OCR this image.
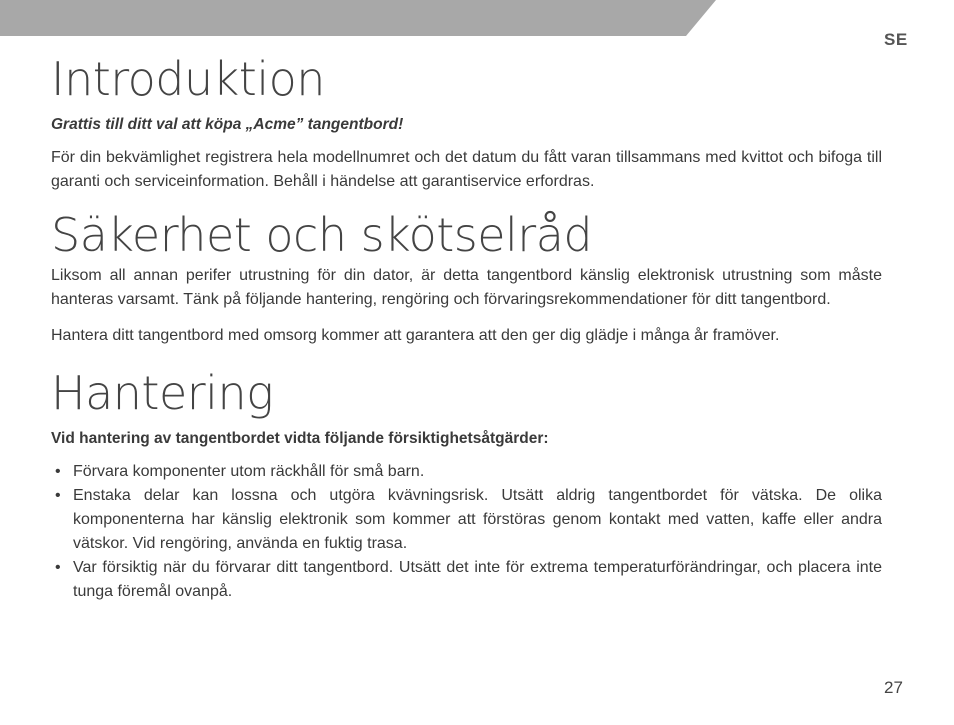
SE
Introduktion
Grattis till ditt val att köpa „Acme” tangentbord!

För din bekvämlighet registrera hela modellnumret och det datum du fått varan tillsammans med kvittot och bifoga till garanti och serviceinformation. Behåll i händelse att garantiservice erfordras.

Säkerhet och skötselråd

Liksom all annan perifer utrustning för din dator, är detta tangentbord känslig elektronisk utrustning som måste hanteras varsamt. Tänk på följande hantering, rengöring och förvaringsrekommendationer för ditt tangentbord.

Hantera ditt tangentbord med omsorg kommer att garantera att den ger dig glädje i många år framöver.

Hantering
Vid hantering av tangentbordet vidta följande försiktighetsåtgärder:
• Förvara komponenter utom räckhåll för små barn.
• Enstaka delar kan lossna och utgöra kvävningsrisk. Utsätt aldrig tangentbordet för vätska. De olika komponenterna har känslig elektronik som kommer att förstöras genom kontakt med vatten, kaffe eller andra vätskor. Vid rengöring, använda en fuktig trasa.
• Var försiktig när du förvarar ditt tangentbord. Utsätt det inte för extrema temperaturförändringar, och placera inte tunga föremål ovanpå.
27
